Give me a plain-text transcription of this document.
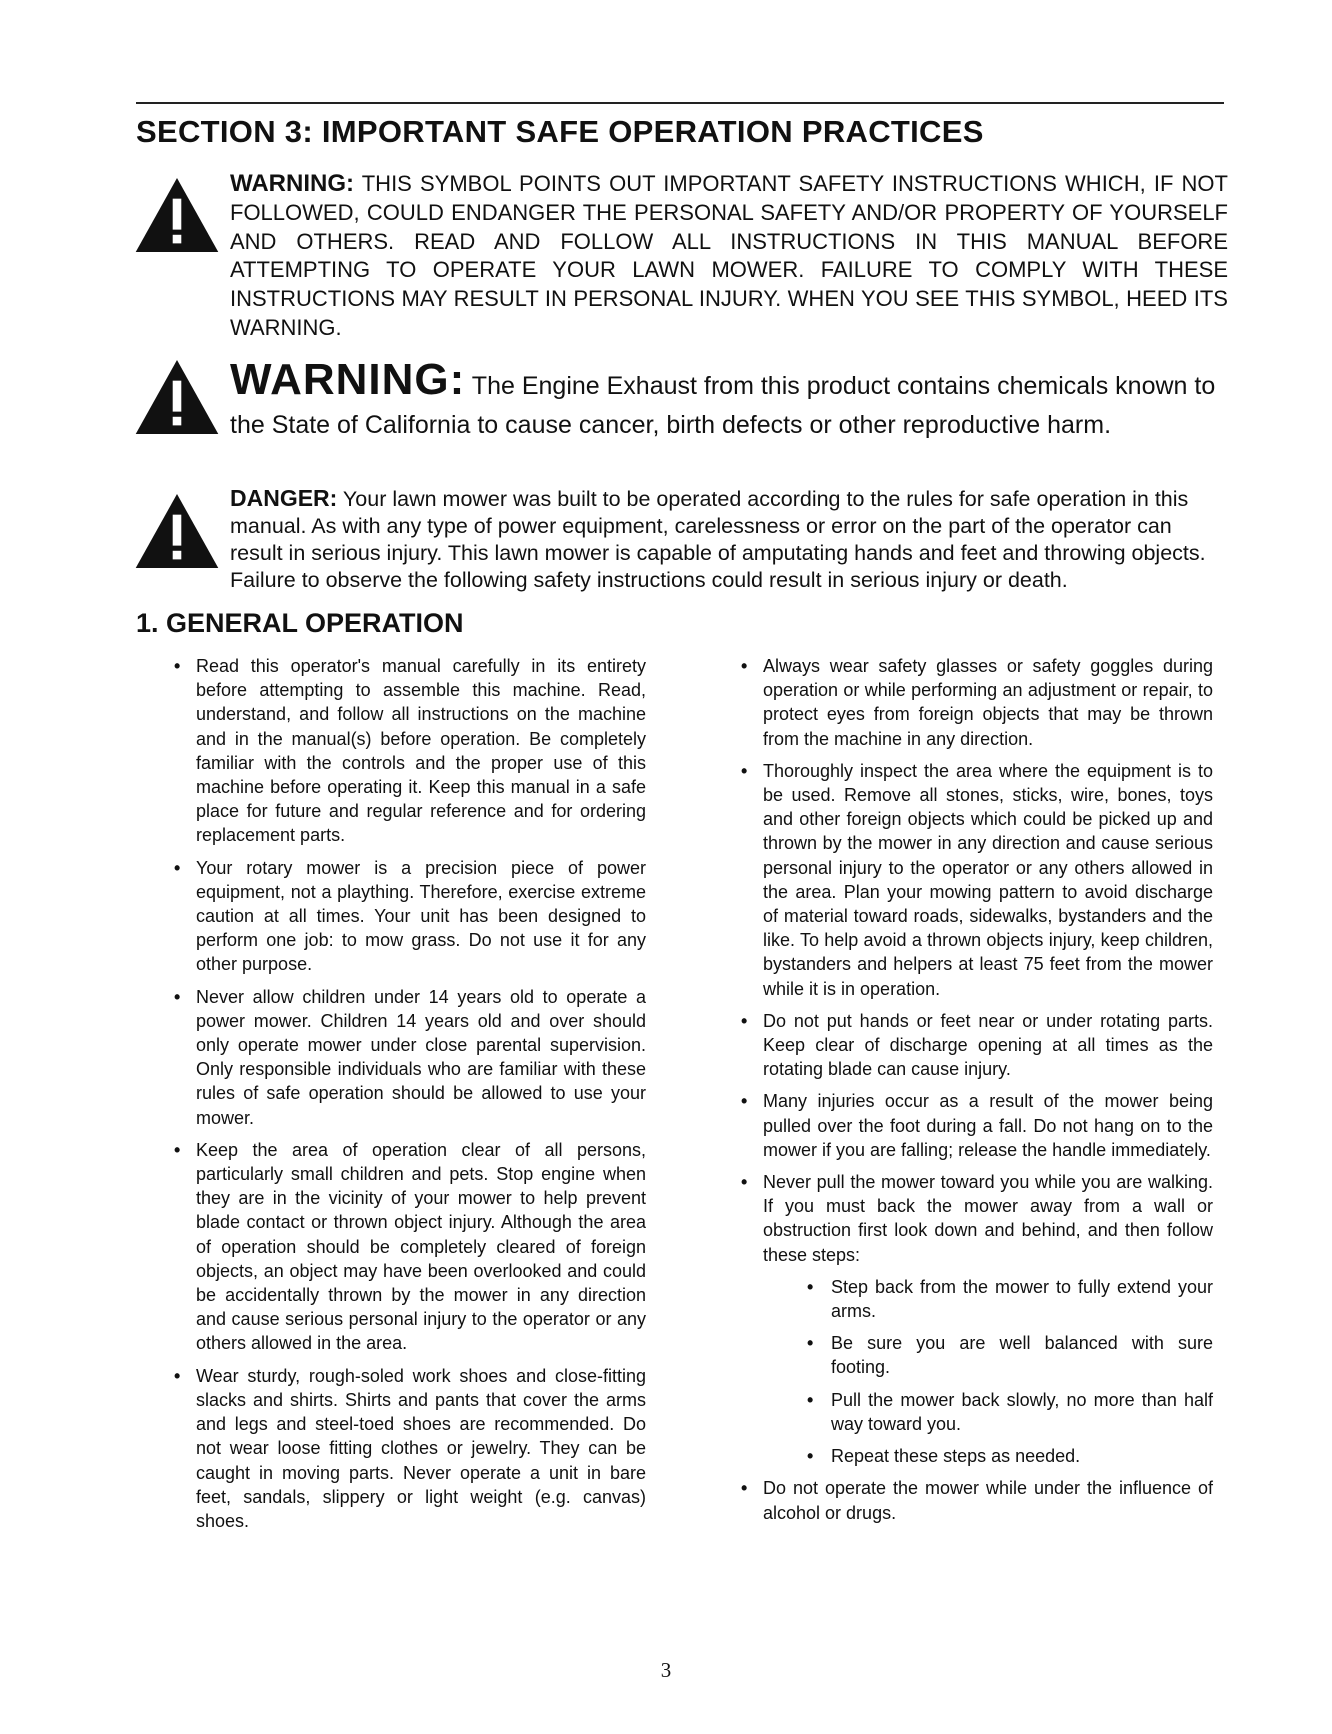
SECTION 3: IMPORTANT SAFE OPERATION PRACTICES
WARNING: THIS SYMBOL POINTS OUT IMPORTANT SAFETY INSTRUCTIONS WHICH, IF NOT FOLLOWED, COULD ENDANGER THE PERSONAL SAFETY AND/OR PROPERTY OF YOURSELF AND OTHERS. READ AND FOLLOW ALL INSTRUCTIONS IN THIS MANUAL BEFORE ATTEMPTING TO OPERATE YOUR LAWN MOWER. FAILURE TO COMPLY WITH THESE INSTRUCTIONS MAY RESULT IN PERSONAL INJURY. WHEN YOU SEE THIS SYMBOL, HEED ITS WARNING.
WARNING: The Engine Exhaust from this product contains chemicals known to the State of California to cause cancer, birth defects or other reproductive harm.
DANGER: Your lawn mower was built to be operated according to the rules for safe operation in this manual. As with any type of power equipment, carelessness or error on the part of the operator can result in serious injury. This lawn mower is capable of amputating hands and feet and throwing objects. Failure to observe the following safety instructions could result in serious injury or death.
1. GENERAL OPERATION
• Read this operator's manual carefully in its entirety before attempting to assemble this machine. Read, understand, and follow all instructions on the machine and in the manual(s) before operation. Be completely familiar with the controls and the proper use of this machine before operating it. Keep this manual in a safe place for future and regular reference and for ordering replacement parts.
• Your rotary mower is a precision piece of power equipment, not a plaything. Therefore, exercise extreme caution at all times. Your unit has been designed to perform one job: to mow grass. Do not use it for any other purpose.
• Never allow children under 14 years old to operate a power mower. Children 14 years old and over should only operate mower under close parental supervision. Only responsible individuals who are familiar with these rules of safe operation should be allowed to use your mower.
• Keep the area of operation clear of all persons, particularly small children and pets. Stop engine when they are in the vicinity of your mower to help prevent blade contact or thrown object injury. Although the area of operation should be completely cleared of foreign objects, an object may have been overlooked and could be accidentally thrown by the mower in any direction and cause serious personal injury to the operator or any others allowed in the area.
• Wear sturdy, rough-soled work shoes and close-fitting slacks and shirts. Shirts and pants that cover the arms and legs and steel-toed shoes are recommended. Do not wear loose fitting clothes or jewelry. They can be caught in moving parts. Never operate a unit in bare feet, sandals, slippery or light weight (e.g. canvas) shoes.
• Always wear safety glasses or safety goggles during operation or while performing an adjustment or repair, to protect eyes from foreign objects that may be thrown from the machine in any direction.
• Thoroughly inspect the area where the equipment is to be used. Remove all stones, sticks, wire, bones, toys and other foreign objects which could be picked up and thrown by the mower in any direction and cause serious personal injury to the operator or any others allowed in the area. Plan your mowing pattern to avoid discharge of material toward roads, sidewalks, bystanders and the like. To help avoid a thrown objects injury, keep children, bystanders and helpers at least 75 feet from the mower while it is in operation.
• Do not put hands or feet near or under rotating parts. Keep clear of discharge opening at all times as the rotating blade can cause injury.
• Many injuries occur as a result of the mower being pulled over the foot during a fall. Do not hang on to the mower if you are falling; release the handle immediately.
• Never pull the mower toward you while you are walking. If you must back the mower away from a wall or obstruction first look down and behind, and then follow these steps:
• Step back from the mower to fully extend your arms.
• Be sure you are well balanced with sure footing.
• Pull the mower back slowly, no more than half way toward you.
• Repeat these steps as needed.
• Do not operate the mower while under the influence of alcohol or drugs.
3
